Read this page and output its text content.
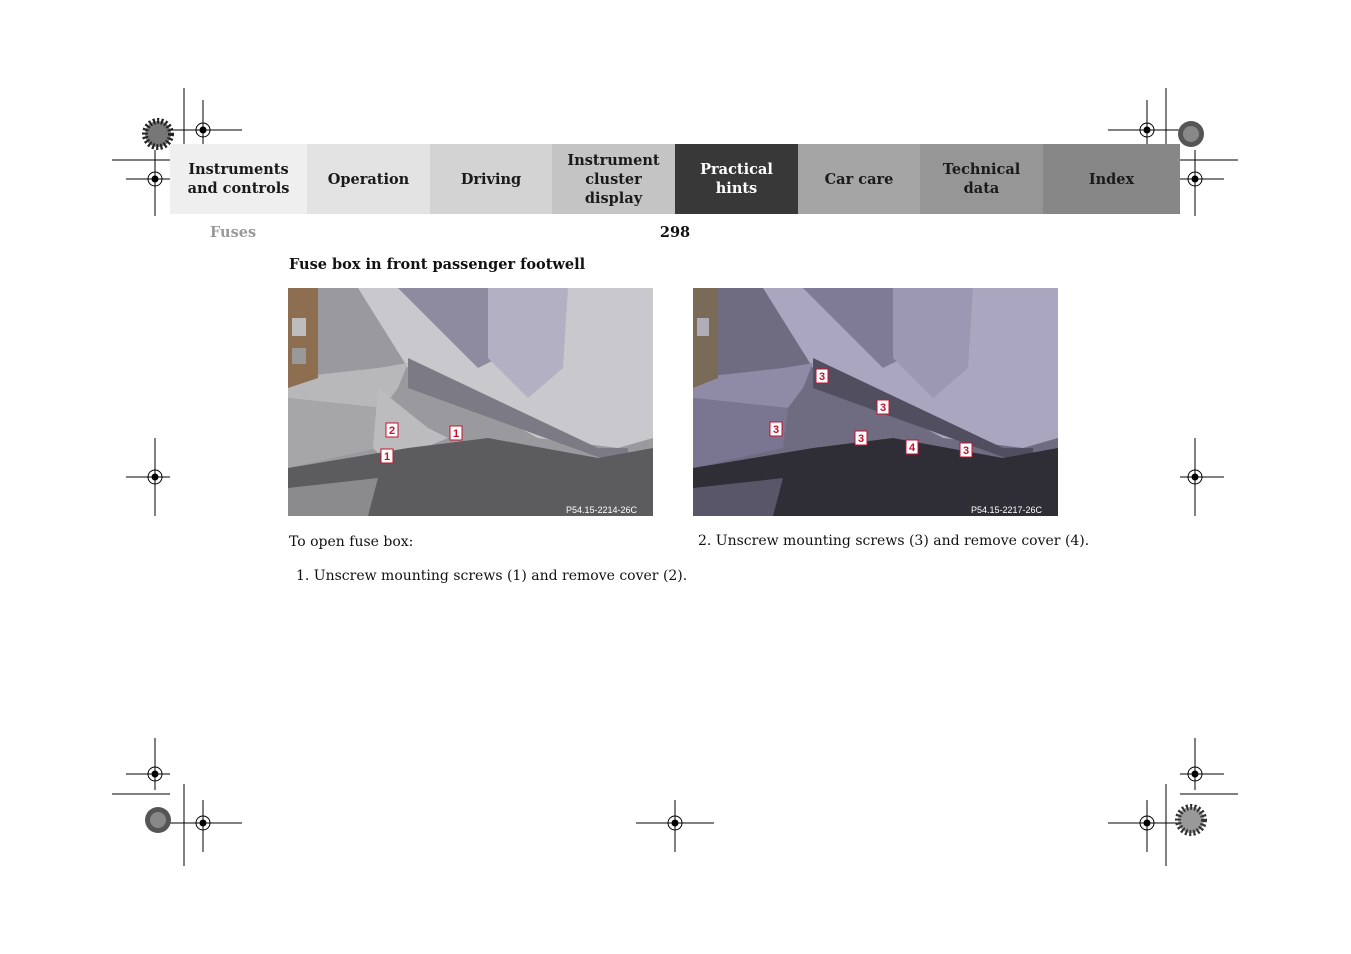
Instruments
and controls
Operation	Driving
Instrument
cluster display
Practical hints
Car care
Technical
data
Index
Fuses	298
Fuse box in front passenger footwell
P54.15-2214-26C
2	1
1
P54.15-2217-26C
3
3
3
3
4	3
To open fuse box:
1. Unscrew mounting screws (1) and remove cover (2).
2. Unscrew mounting screws (3) and remove cover (4).
